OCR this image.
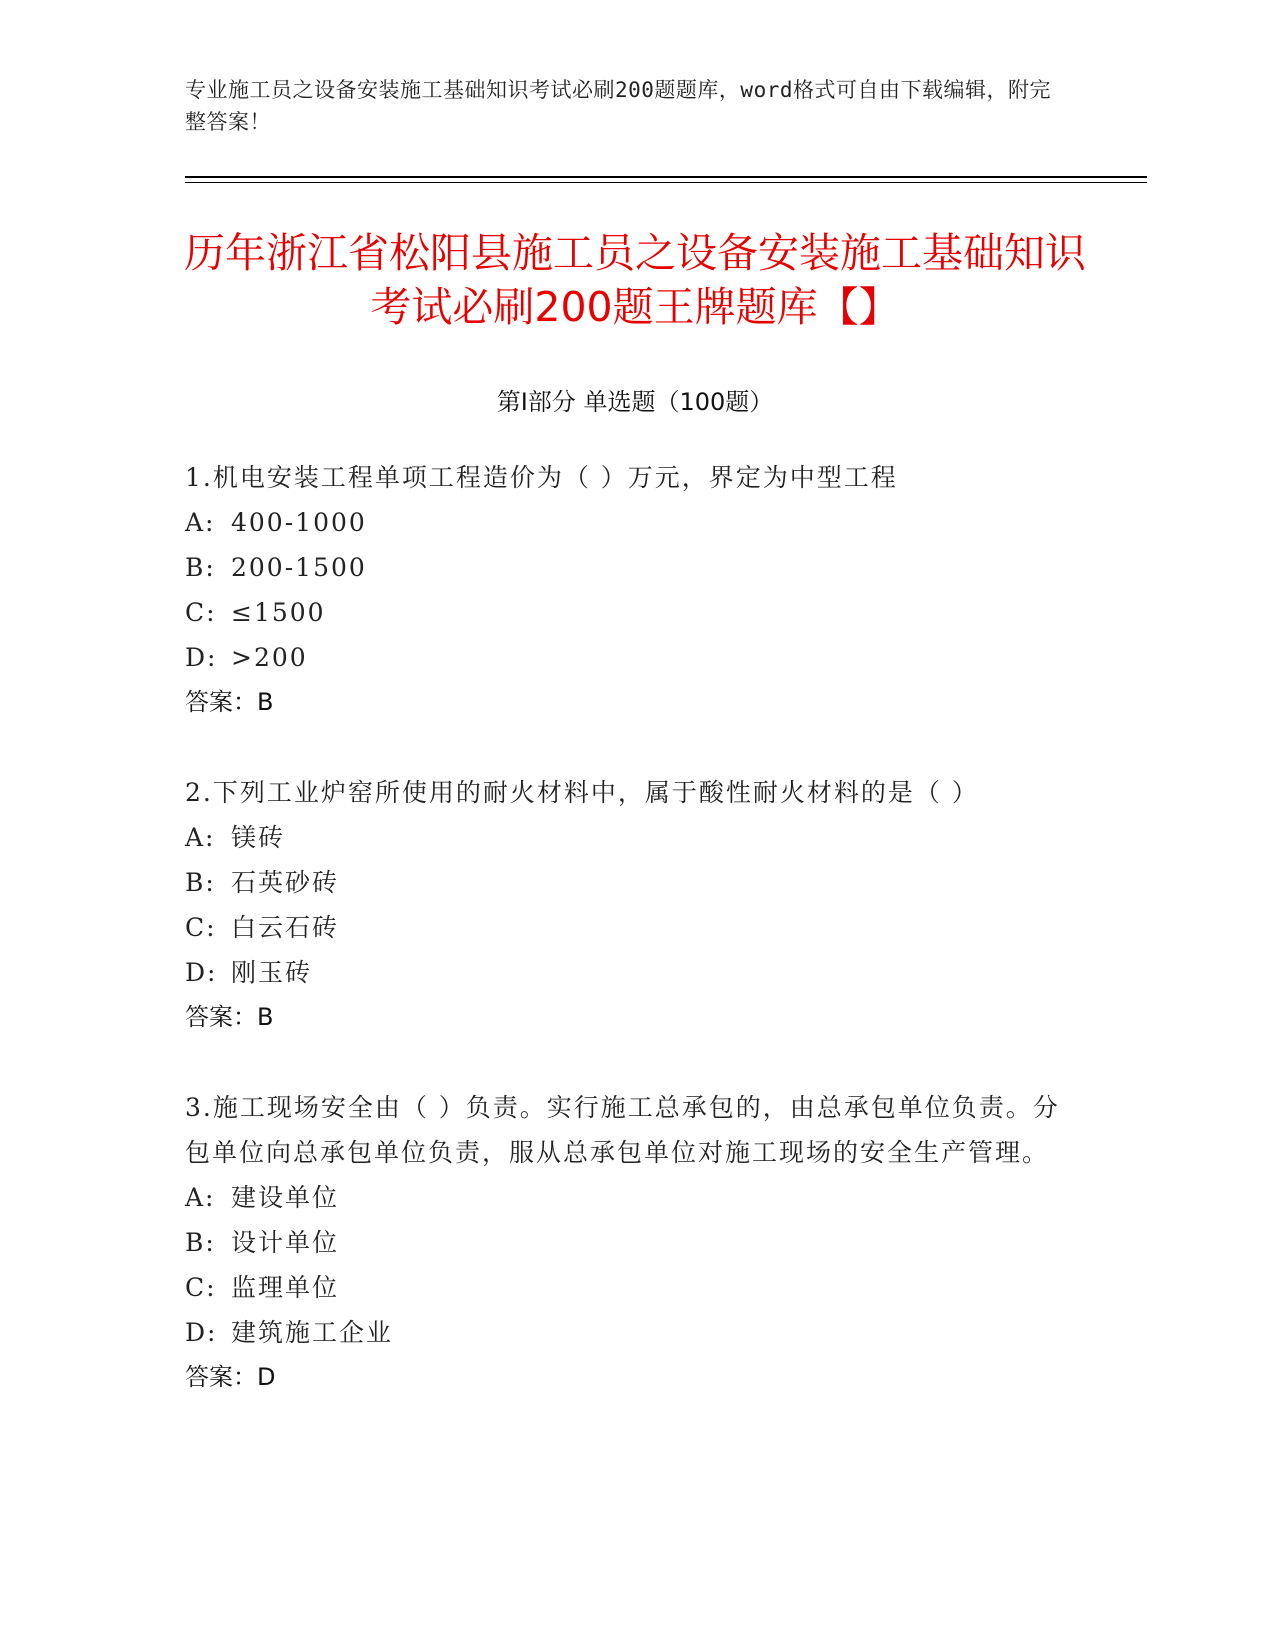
专业施工员之设备安装施工基础知识考试必刷200题题库，word格式可自由下载编辑，附完整答案！
历年浙江省松阳县施工员之设备安装施工基础知识考试必刷200题王牌题库【】
第I部分 单选题（100题）

1.机电安装工程单项工程造价为（ ）万元，界定为中型工程

A: 400-1000

B: 200-1500

C: ≤1500

D: >200

答案：B

2.下列工业炉窑所使用的耐火材料中，属于酸性耐火材料的是（ ）

A: 镁砖

B: 石英砂砖

C: 白云石砖

D: 刚玉砖

答案：B

3.施工现场安全由（ ）负责。实行施工总承包的，由总承包单位负责。分包单位向总承包单位负责，服从总承包单位对施工现场的安全生产管理。

A: 建设单位

B: 设计单位

C: 监理单位

D: 建筑施工企业

答案：D
